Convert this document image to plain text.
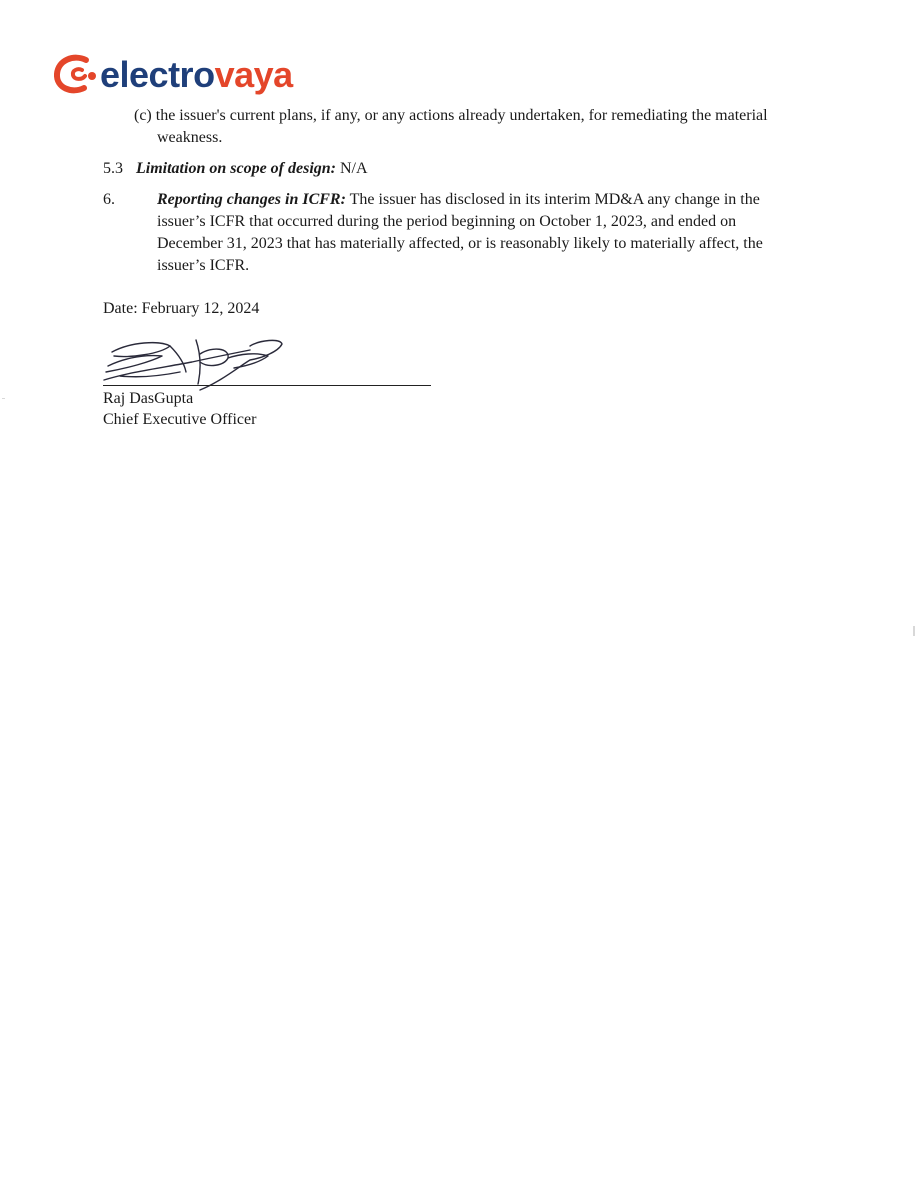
electrovaya
(c) the issuer's current plans, if any, or any actions already undertaken, for remediating the material
weakness.
5.3 Limitation on scope of design: N/A
6.	Reporting changes in ICFR: The issuer has disclosed in its interim MD&A any change in the
issuer’s ICFR that occurred during the period beginning on October 1, 2023, and ended on
December 31, 2023 that has materially affected, or is reasonably likely to materially affect, the
issuer’s ICFR.
Date: February 12, 2024
Raj DasGupta
Chief Executive Officer
